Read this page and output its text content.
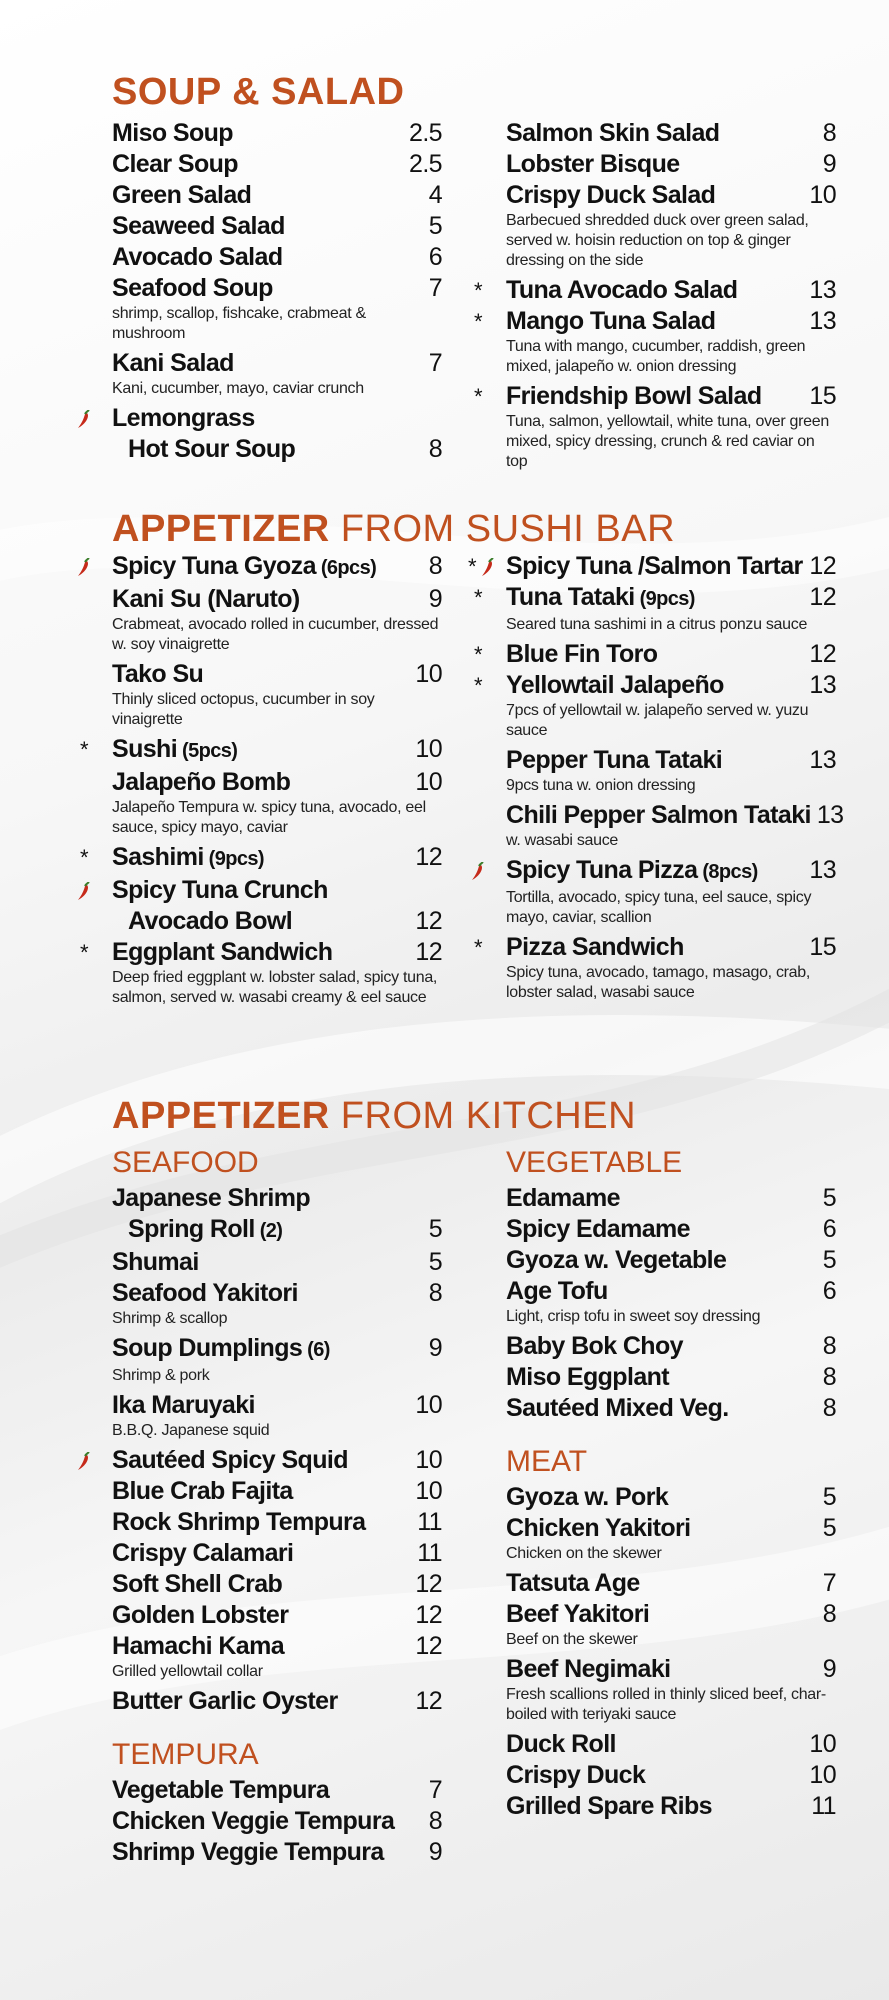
SOUP & SALAD
APPETIZER FROM SUSHI BAR
APPETIZER FROM KITCHEN
Miso Soup	2.5
Clear Soup	2.5
Green Salad	4
Seaweed Salad	5
Avocado Salad	6
Seafood Soup	7
shrimp, scallop, fishcake, crabmeat & mushroom
Kani Salad	7
Kani, cucumber, mayo, caviar crunch
Lemongrass
Hot Sour Soup	8
Salmon Skin Salad	8
Lobster Bisque	9
Crispy Duck Salad	10
Barbecued shredded duck over green salad, served w. hoisin reduction on top & ginger dressing on the side
* Tuna Avocado Salad	13
* Mango Tuna Salad	13
Tuna with mango, cucumber, raddish, green mixed, jalapeño w. onion dressing
* Friendship Bowl Salad 15
Tuna, salmon, yellowtail, white tuna, over green mixed, spicy dressing, crunch & red caviar on top
Spicy Tuna Gyoza (6pcs) 8
Kani Su (Naruto)	9
Crabmeat, avocado rolled in cucumber, dressed w. soy vinaigrette
Tako Su	10
Thinly sliced octopus, cucumber in soy vinaigrette
* Sushi (5pcs)	10
Jalapeño Bomb	10
Jalapeño Tempura w. spicy tuna, avocado, eel sauce, spicy mayo, caviar
* Sashimi (9pcs)	12
Spicy Tuna Crunch
Avocado Bowl	12
* Eggplant Sandwich	12
Deep fried eggplant w. lobster salad, spicy tuna, salmon, served w. wasabi creamy & eel sauce
* Spicy Tuna /Salmon Tartar 12
* Tuna Tataki (9pcs)	12
Seared tuna sashimi in a citrus ponzu sauce
* Blue Fin Toro	12
* Yellowtail Jalapeño	13
7pcs of yellowtail w. jalapeño served w. yuzu sauce
Pepper Tuna Tataki	13
9pcs tuna w. onion dressing
Chili Pepper Salmon Tataki 13
w. wasabi sauce
Spicy Tuna Pizza (8pcs) 13
Tortilla, avocado, spicy tuna, eel sauce, spicy mayo, caviar, scallion
* Pizza Sandwich	15
Spicy tuna, avocado, tamago, masago, crab, lobster salad, wasabi sauce
SEAFOOD
Japanese Shrimp
Spring Roll (2)	5
Shumai	5
Seafood Yakitori	8
Shrimp & scallop
Soup Dumplings (6)	9
Shrimp & pork
Ika Maruyaki	10
B.B.Q. Japanese squid
Sautéed Spicy Squid	10
Blue Crab Fajita	10
Rock Shrimp Tempura 11
Crispy Calamari	11
Soft Shell Crab	12
Golden Lobster	12
Hamachi Kama	12
Grilled yellowtail collar
Butter Garlic Oyster	12
TEMPURA
Vegetable Tempura	7
Chicken Veggie Tempura 8
Shrimp Veggie Tempura 9
VEGETABLE
Edamame	5
Spicy Edamame	6
Gyoza w. Vegetable	5
Age Tofu	6
Light, crisp tofu in sweet soy dressing
Baby Bok Choy	8
Miso Eggplant	8
Sautéed Mixed Veg.	8
MEAT
Gyoza w. Pork	5
Chicken Yakitori	5
Chicken on the skewer
Tatsuta Age	7
Beef Yakitori	8
Beef on the skewer
Beef Negimaki	9
Fresh scallions rolled in thinly sliced beef, char-boiled with teriyaki sauce
Duck Roll	10
Crispy Duck	10
Grilled Spare Ribs	11
